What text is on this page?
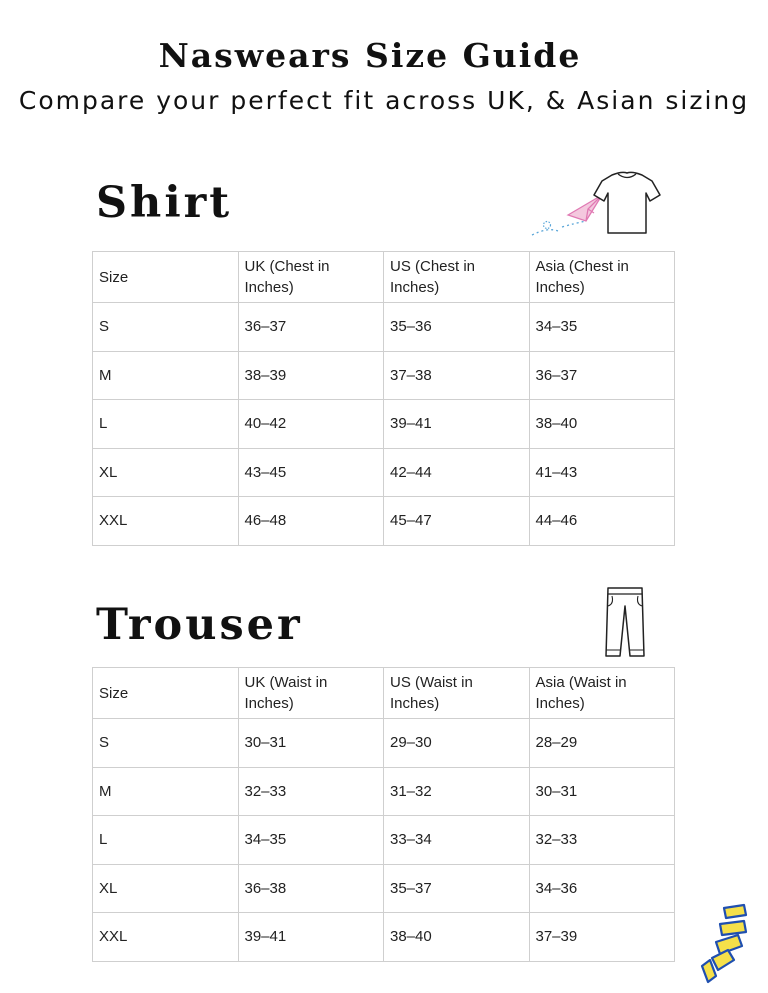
Naswears Size Guide
Compare your perfect fit across UK, & Asian sizing
Shirt
Size	UK (Chest in Inches)	US (Chest in Inches)	Asia (Chest in Inches)
S	36–37	35–36	34–35
M	38–39	37–38	36–37
L	40–42	39–41	38–40
XL	43–45	42–44	41–43
XXL	46–48	45–47	44–46
Trouser
Size	UK (Waist in Inches)	US (Waist in Inches)	Asia (Waist in Inches)
S	30–31	29–30	28–29
M	32–33	31–32	30–31
L	34–35	33–34	32–33
XL	36–38	35–37	34–36
XXL	39–41	38–40	37–39
